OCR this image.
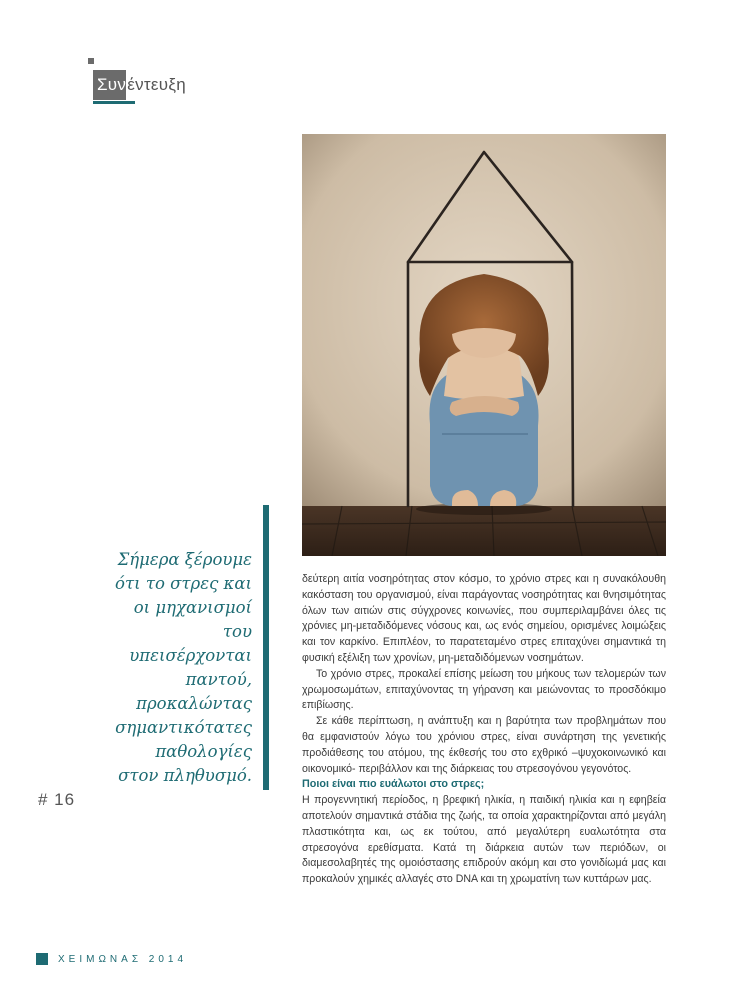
Συν έντευξη
Σήμερα ξέρουμε ότι το στρες και οι μηχανισμοί του υπεισέρχονται παντού, προκαλώντας σημαντικότατες παθολογίες στον πληθυσμό.
# 16

δεύτερη αιτία νοσηρότητας στον κόσμο, το χρόνιο στρες και η συνακόλουθη κακόσταση του οργανισμού, είναι παράγοντας νοσηρότητας και θνησιμότητας όλων των αιτιών στις σύγχρονες κοινωνίες, που συμπεριλαμβάνει όλες τις χρόνιες μη-μεταδιδόμενες νόσους και, ως ενός σημείου, ορισμένες λοιμώξεις και τον καρκίνο. Επιπλέον, το παρατεταμένο στρες επιταχύνει σημαντικά τη φυσική εξέλιξη των χρονίων, μη-μεταδιδόμενων νοσημάτων.

Το χρόνιο στρες, προκαλεί επίσης μείωση του μήκους των τελομερών των χρωμοσωμάτων, επιταχύνοντας τη γήρανση και μειώνοντας το προσδόκιμο επιβίωσης.

Σε κάθε περίπτωση, η ανάπτυξη και η βαρύτητα των προβλημάτων που θα εμφανιστούν λόγω του χρόνιου στρες, είναι συνάρτηση της γενετικής προδιάθεσης του ατόμου, της έκθεσής του στο εχθρικό –ψυχοκοινωνικό και οικονομικό- περιβάλλον και της διάρκειας του στρεσογόνου γεγονότος.

Ποιοι είναι πιο ευάλωτοι στο στρες;

Η προγεννητική περίοδος, η βρεφική ηλικία, η παιδική ηλικία και η εφηβεία αποτελούν σημαντικά στάδια της ζωής, τα οποία χαρακτηρίζονται από μεγάλη πλαστικότητα και, ως εκ τούτου, από μεγαλύτερη ευαλωτότητα στα στρεσογόνα ερεθίσματα. Κατά τη διάρκεια αυτών των περιόδων, οι διαμεσολαβητές της ομοιόστασης επιδρούν ακόμη και στο γονιδίωμά μας και προκαλούν χημικές αλλαγές στο DNA και τη χρωματίνη των κυττάρων μας.

ΧΕΙΜΩΝΑΣ 2014
